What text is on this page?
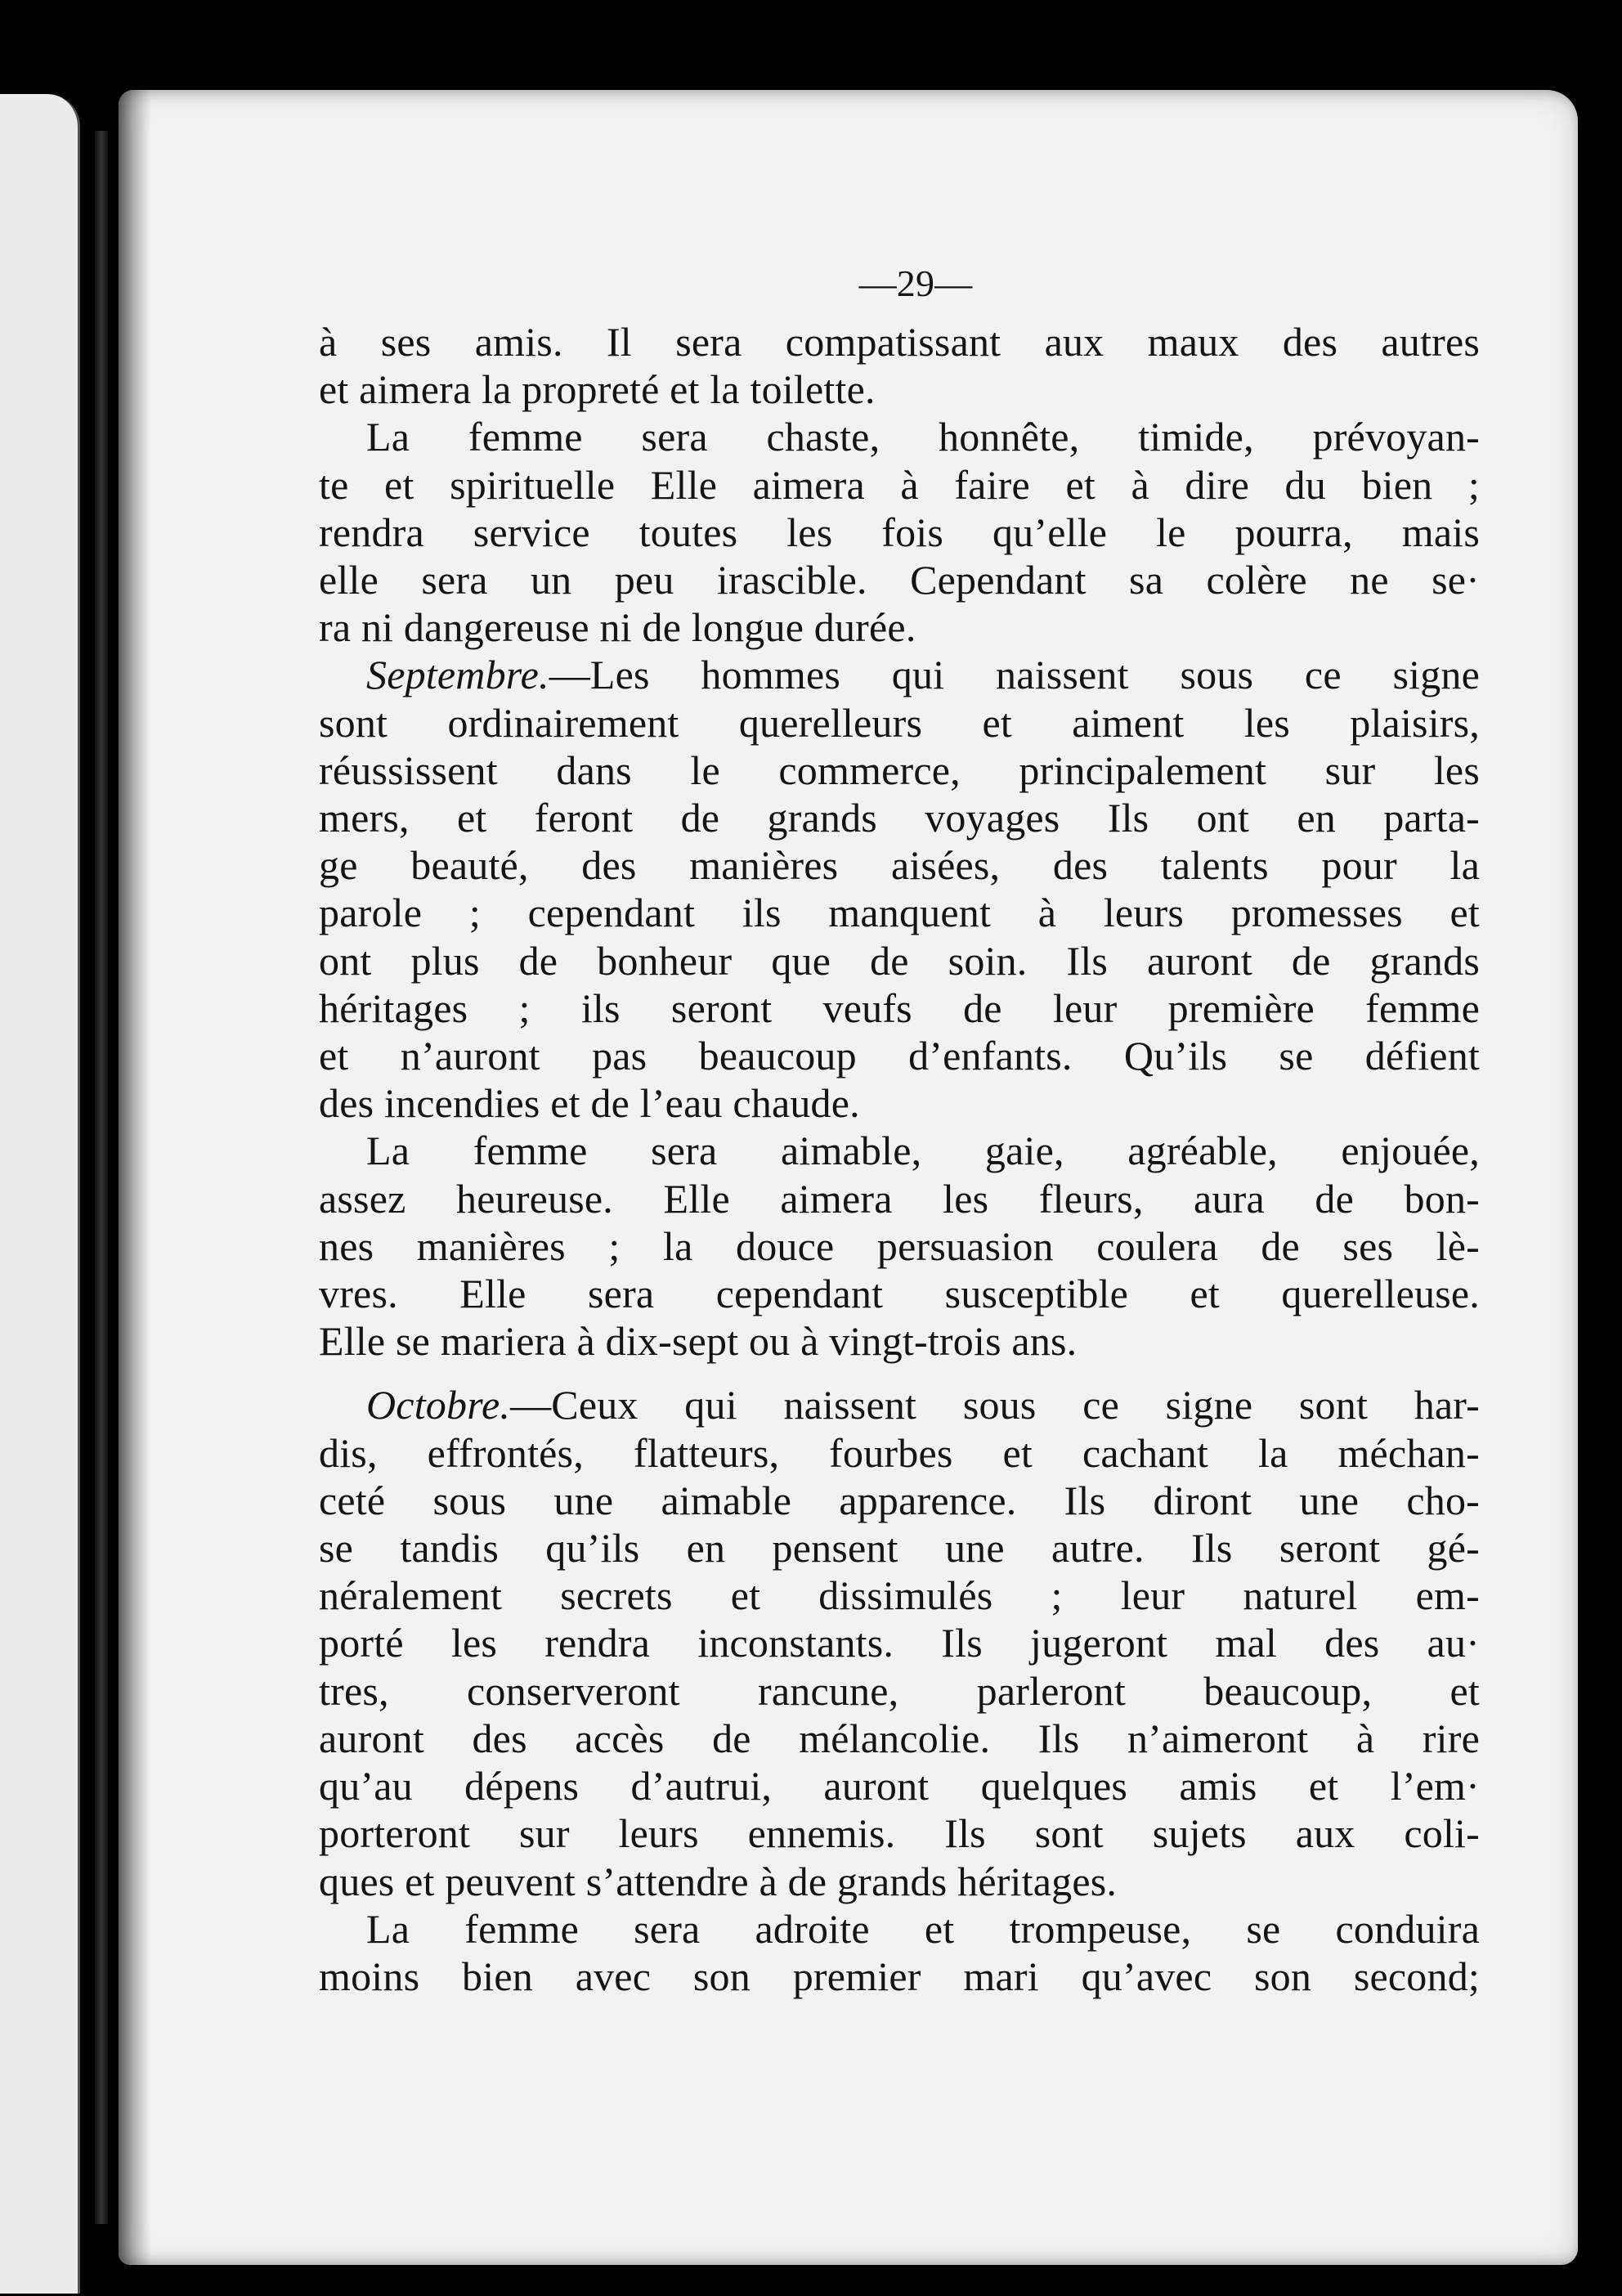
—29—
à ses amis. Il sera compatissant aux maux des autres
et aimera la propreté et la toilette.
La femme sera chaste, honnête, timide, prévoyan-
te et spirituelle Elle aimera à faire et à dire du bien ;
rendra service toutes les fois qu’elle le pourra, mais
elle sera un peu irascible. Cependant sa colère ne se·
ra ni dangereuse ni de longue durée.
Septembre.—Les hommes qui naissent sous ce signe
sont ordinairement querelleurs et aiment les plaisirs,
réussissent dans le commerce, principalement sur les
mers, et feront de grands voyages Ils ont en parta-
ge beauté, des manières aisées, des talents pour la
parole ; cependant ils manquent à leurs promesses et
ont plus de bonheur que de soin. Ils auront de grands
héritages ; ils seront veufs de leur première femme
et n’auront pas beaucoup d’enfants. Qu’ils se défient
des incendies et de l’eau chaude.
La femme sera aimable, gaie, agréable, enjouée,
assez heureuse. Elle aimera les fleurs, aura de bon-
nes manières ; la douce persuasion coulera de ses lè-
vres. Elle sera cependant susceptible et querelleuse.
Elle se mariera à dix-sept ou à vingt-trois ans.
Octobre.—Ceux qui naissent sous ce signe sont har-
dis, effrontés, flatteurs, fourbes et cachant la méchan-
ceté sous une aimable apparence. Ils diront une cho-
se tandis qu’ils en pensent une autre. Ils seront gé-
néralement secrets et dissimulés ; leur naturel em-
porté les rendra inconstants. Ils jugeront mal des au·
tres, conserveront rancune, parleront beaucoup, et
auront des accès de mélancolie. Ils n’aimeront à rire
qu’au dépens d’autrui, auront quelques amis et l’em·
porteront sur leurs ennemis. Ils sont sujets aux coli-
ques et peuvent s’attendre à de grands héritages.
La femme sera adroite et trompeuse, se conduira
moins bien avec son premier mari qu’avec son second;
